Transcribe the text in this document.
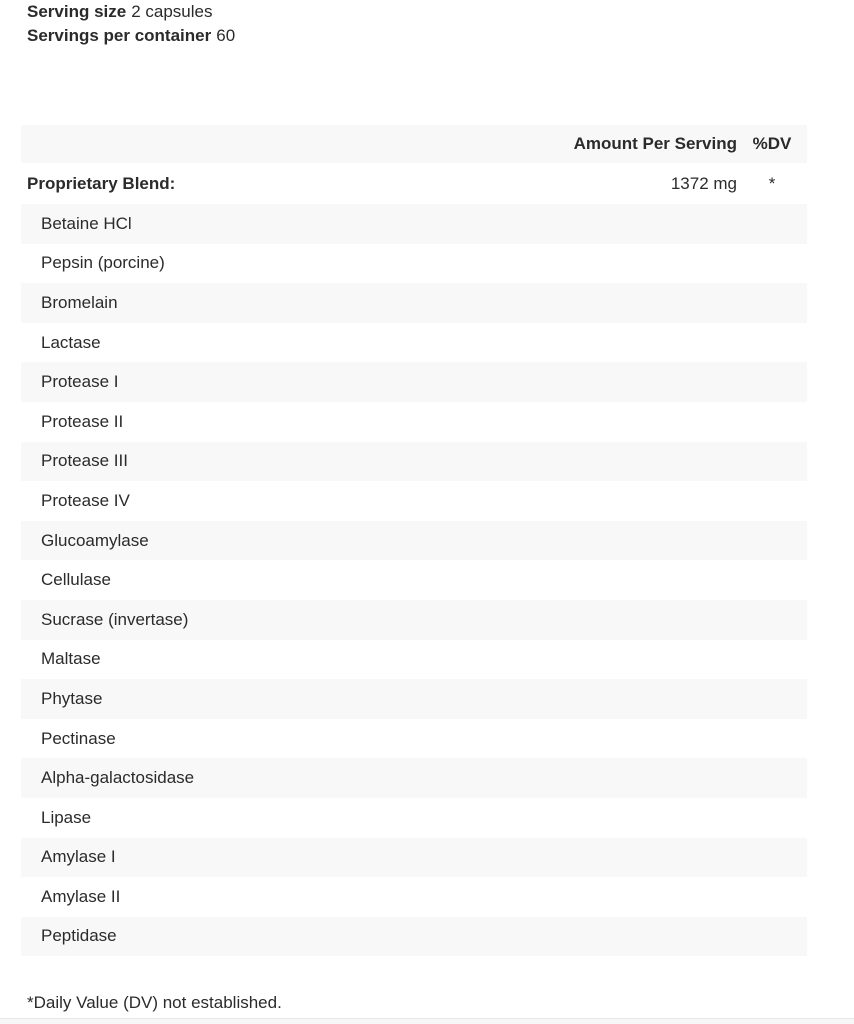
Serving size 2 capsules
Servings per container 60
Amount Per Serving %DV
Proprietary Blend:	1372 mg	*
Betaine HCl
Pepsin (porcine)
Bromelain
Lactase
Protease I
Protease II
Protease III
Protease IV
Glucoamylase
Cellulase
Sucrase (invertase)
Maltase
Phytase
Pectinase
Alpha-galactosidase
Lipase
Amylase I
Amylase II
Peptidase
*Daily Value (DV) not established.
